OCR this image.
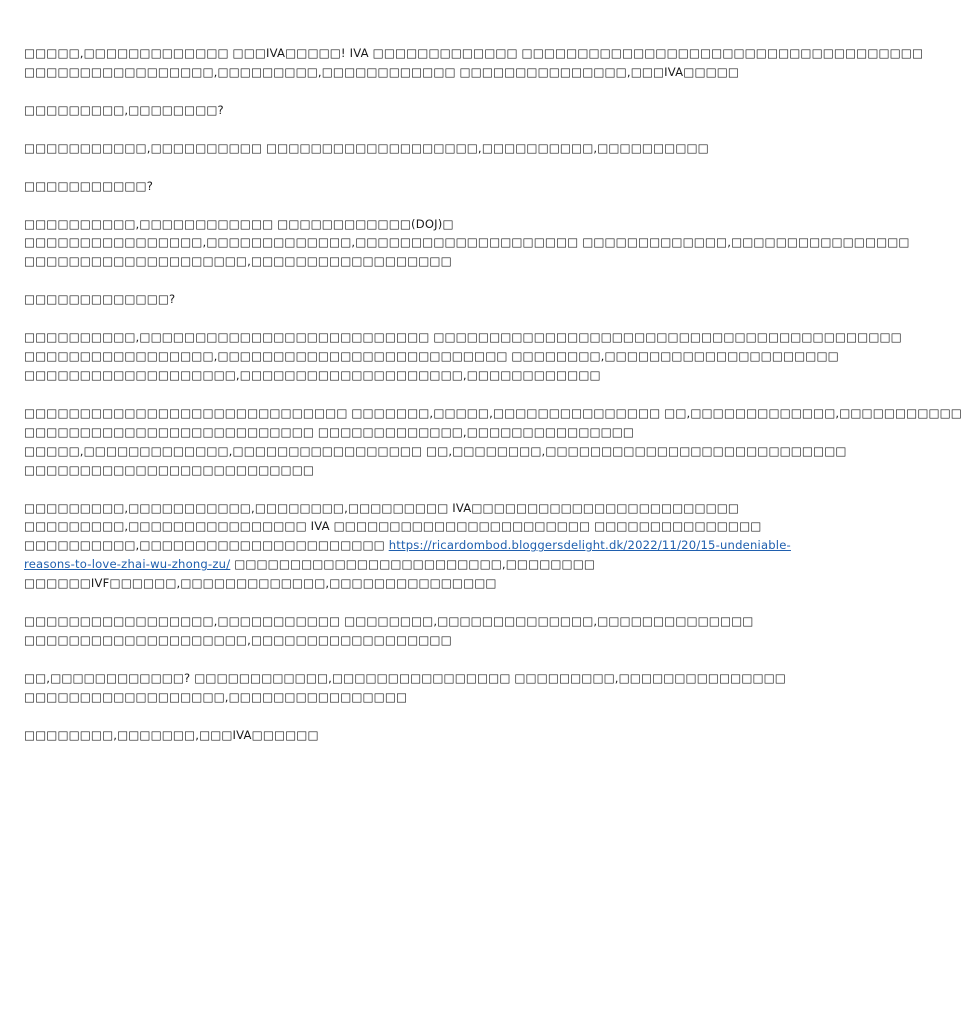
□□□□□,□□□□□□□□□□□□□ □□□IVA□□□□□! IVA □□□□□□□□□□□□□ □□□□□□□□□□□□□□□□□□□□□□□□□□□□□□□□□□□□
□□□□□□□□□□□□□□□□□,□□□□□□□□□,□□□□□□□□□□□□ □□□□□□□□□□□□□□□,□□□IVA□□□□□

□□□□□□□□□,□□□□□□□□?

□□□□□□□□□□□,□□□□□□□□□□ □□□□□□□□□□□□□□□□□□□,□□□□□□□□□□,□□□□□□□□□□

□□□□□□□□□□□?

□□□□□□□□□□,□□□□□□□□□□□□ □□□□□□□□□□□□(DOJ)□
□□□□□□□□□□□□□□□□,□□□□□□□□□□□□□,□□□□□□□□□□□□□□□□□□□□ □□□□□□□□□□□□□,□□□□□□□□□□□□□□□□
□□□□□□□□□□□□□□□□□□□□,□□□□□□□□□□□□□□□□□□

□□□□□□□□□□□□□?

□□□□□□□□□□,□□□□□□□□□□□□□□□□□□□□□□□□□□ □□□□□□□□□□□□□□□□□□□□□□□□□□□□□□□□□□□□□□□□□□
□□□□□□□□□□□□□□□□□,□□□□□□□□□□□□□□□□□□□□□□□□□□ □□□□□□□□,□□□□□□□□□□□□□□□□□□□□□
□□□□□□□□□□□□□□□□□□□,□□□□□□□□□□□□□□□□□□□□,□□□□□□□□□□□□

□□□□□□□□□□□□□□□□□□□□□□□□□□□□□ □□□□□□□,□□□□□,□□□□□□□□□□□□□□□ □□,□□□□□□□□□□□□□,□□□□□□□□□□□
□□□□□□□□□□□□□□□□□□□□□□□□□□ □□□□□□□□□□□□□,□□□□□□□□□□□□□□□
□□□□□,□□□□□□□□□□□□□,□□□□□□□□□□□□□□□□□ □□,□□□□□□□□,□□□□□□□□□□□□□□□□□□□□□□□□□□□
□□□□□□□□□□□□□□□□□□□□□□□□□□

□□□□□□□□□,□□□□□□□□□□□,□□□□□□□□,□□□□□□□□□ IVA□□□□□□□□□□□□□□□□□□□□□□□□
□□□□□□□□□,□□□□□□□□□□□□□□□□ IVA □□□□□□□□□□□□□□□□□□□□□□□ □□□□□□□□□□□□□□□
□□□□□□□□□□,□□□□□□□□□□□□□□□□□□□□□□ https://ricardombod.bloggersdelight.dk/2022/11/20/15-undeniable-
reasons-to-love-zhai-wu-zhong-zu/ □□□□□□□□□□□□□□□□□□□□□□□□,□□□□□□□□
□□□□□□IVF□□□□□□,□□□□□□□□□□□□□,□□□□□□□□□□□□□□□

□□□□□□□□□□□□□□□□□,□□□□□□□□□□□ □□□□□□□□,□□□□□□□□□□□□□□,□□□□□□□□□□□□□□
□□□□□□□□□□□□□□□□□□□□,□□□□□□□□□□□□□□□□□□

□□,□□□□□□□□□□□□? □□□□□□□□□□□□,□□□□□□□□□□□□□□□□ □□□□□□□□□,□□□□□□□□□□□□□□□
□□□□□□□□□□□□□□□□□□,□□□□□□□□□□□□□□□□

□□□□□□□□,□□□□□□□,□□□IVA□□□□□□
